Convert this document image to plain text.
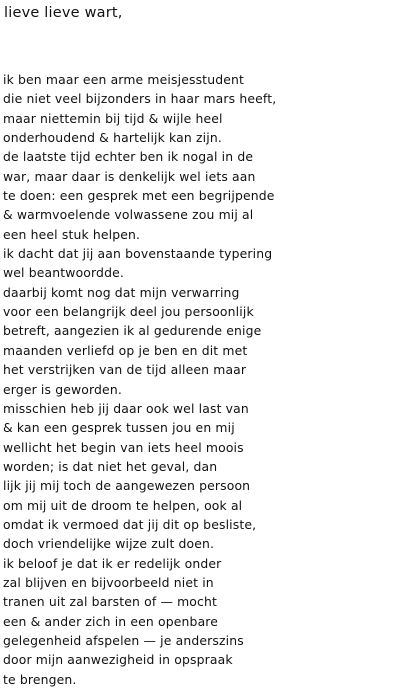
lieve lieve wart,
ik ben maar een arme meisjesstudent
die niet veel bijzonders in haar mars heeft,
maar niettemin bij tijd & wijle heel
onderhoudend & hartelijk kan zijn.
de laatste tijd echter ben ik nogal in de
war, maar daar is denkelijk wel iets aan
te doen: een gesprek met een begrijpende
& warmvoelende volwassene zou mij al
een heel stuk helpen.
ik dacht dat jij aan bovenstaande typering
wel beantwoordde.
daarbij komt nog dat mijn verwarring
voor een belangrijk deel jou persoonlijk
betreft, aangezien ik al gedurende enige
maanden verliefd op je ben en dit met
het verstrijken van de tijd alleen maar
erger is geworden.
misschien heb jij daar ook wel last van
& kan een gesprek tussen jou en mij
wellicht het begin van iets heel moois
worden; is dat niet het geval, dan
lijk jij mij toch de aangewezen persoon
om mij uit de droom te helpen, ook al
omdat ik vermoed dat jij dit op besliste,
doch vriendelijke wijze zult doen.
ik beloof je dat ik er redelijk onder
zal blijven en bijvoorbeeld niet in
tranen uit zal barsten of — mocht
een & ander zich in een openbare
gelegenheid afspelen — je anderszins
door mijn aanwezigheid in opspraak
te brengen.
